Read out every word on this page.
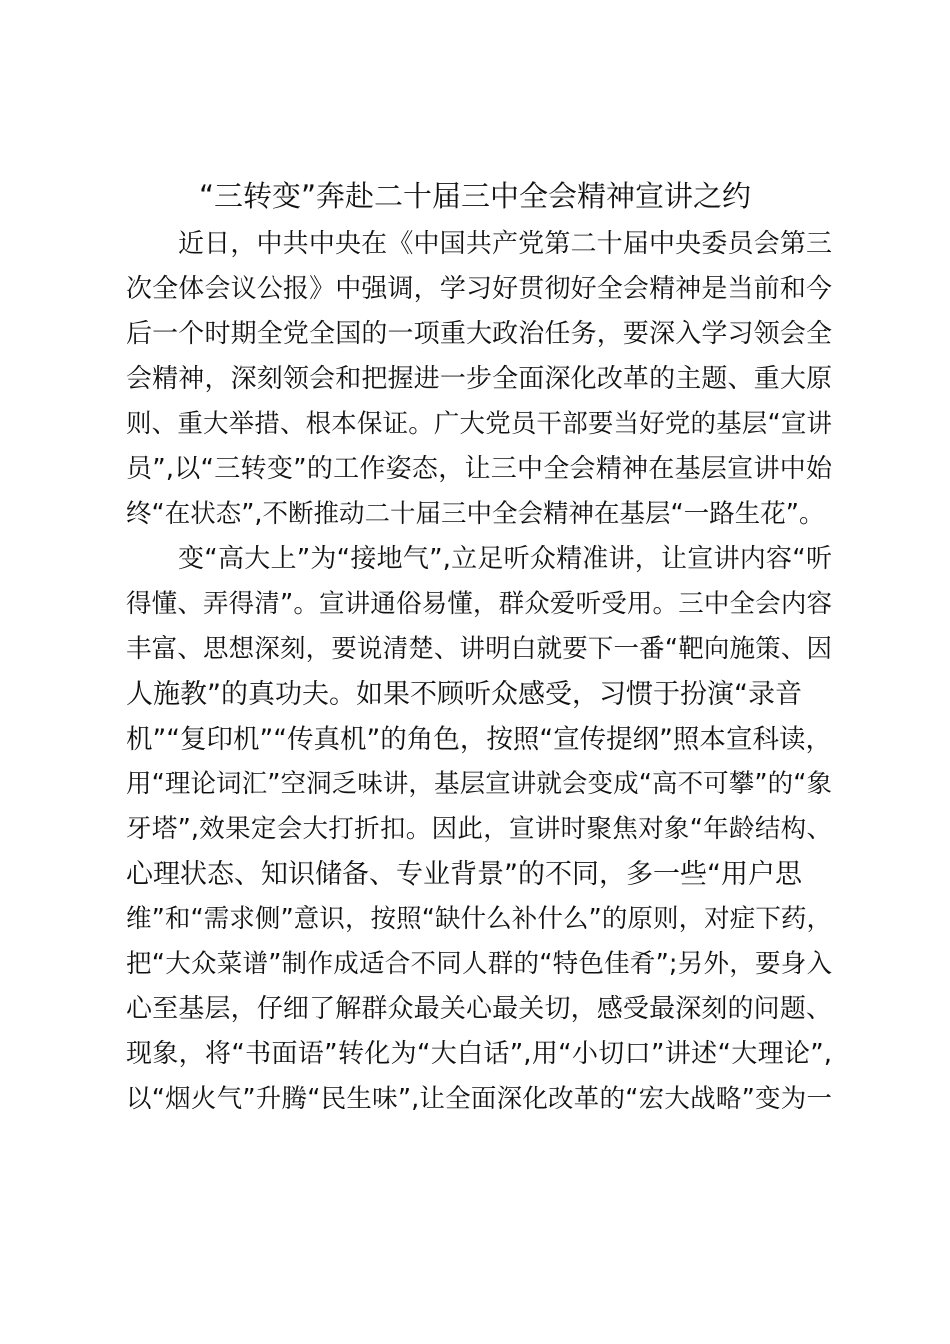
“三转变”奔赴二十届三中全会精神宣讲之约
近日，中共中央在《中国共产党第二十届中央委员会第三
次全体会议公报》中强调，学习好贯彻好全会精神是当前和今
后一个时期全党全国的一项重大政治任务，要深入学习领会全
会精神，深刻领会和把握进一步全面深化改革的主题、重大原
则、重大举措、根本保证。广大党员干部要当好党的基层“宣讲
员”,以“三转变”的工作姿态，让三中全会精神在基层宣讲中始
终“在状态”,不断推动二十届三中全会精神在基层“一路生花”。
变“高大上”为“接地气”,立足听众精准讲，让宣讲内容“听
得懂、弄得清”。宣讲通俗易懂，群众爱听受用。三中全会内容
丰富、思想深刻，要说清楚、讲明白就要下一番“靶向施策、因
人施教”的真功夫。如果不顾听众感受，习惯于扮演“录音
机”“复印机”“传真机”的角色，按照“宣传提纲”照本宣科读，
用“理论词汇”空洞乏味讲，基层宣讲就会变成“高不可攀”的“象
牙塔”,效果定会大打折扣。因此，宣讲时聚焦对象“年龄结构、
心理状态、知识储备、专业背景”的不同，多一些“用户思
维”和“需求侧”意识，按照“缺什么补什么”的原则，对症下药，
把“大众菜谱”制作成适合不同人群的“特色佳肴”;另外，要身入
心至基层，仔细了解群众最关心最关切，感受最深刻的问题、
现象，将“书面语”转化为“大白话”,用“小切口”讲述“大理论”,
以“烟火气”升腾“民生味”,让全面深化改革的“宏大战略”变为一
